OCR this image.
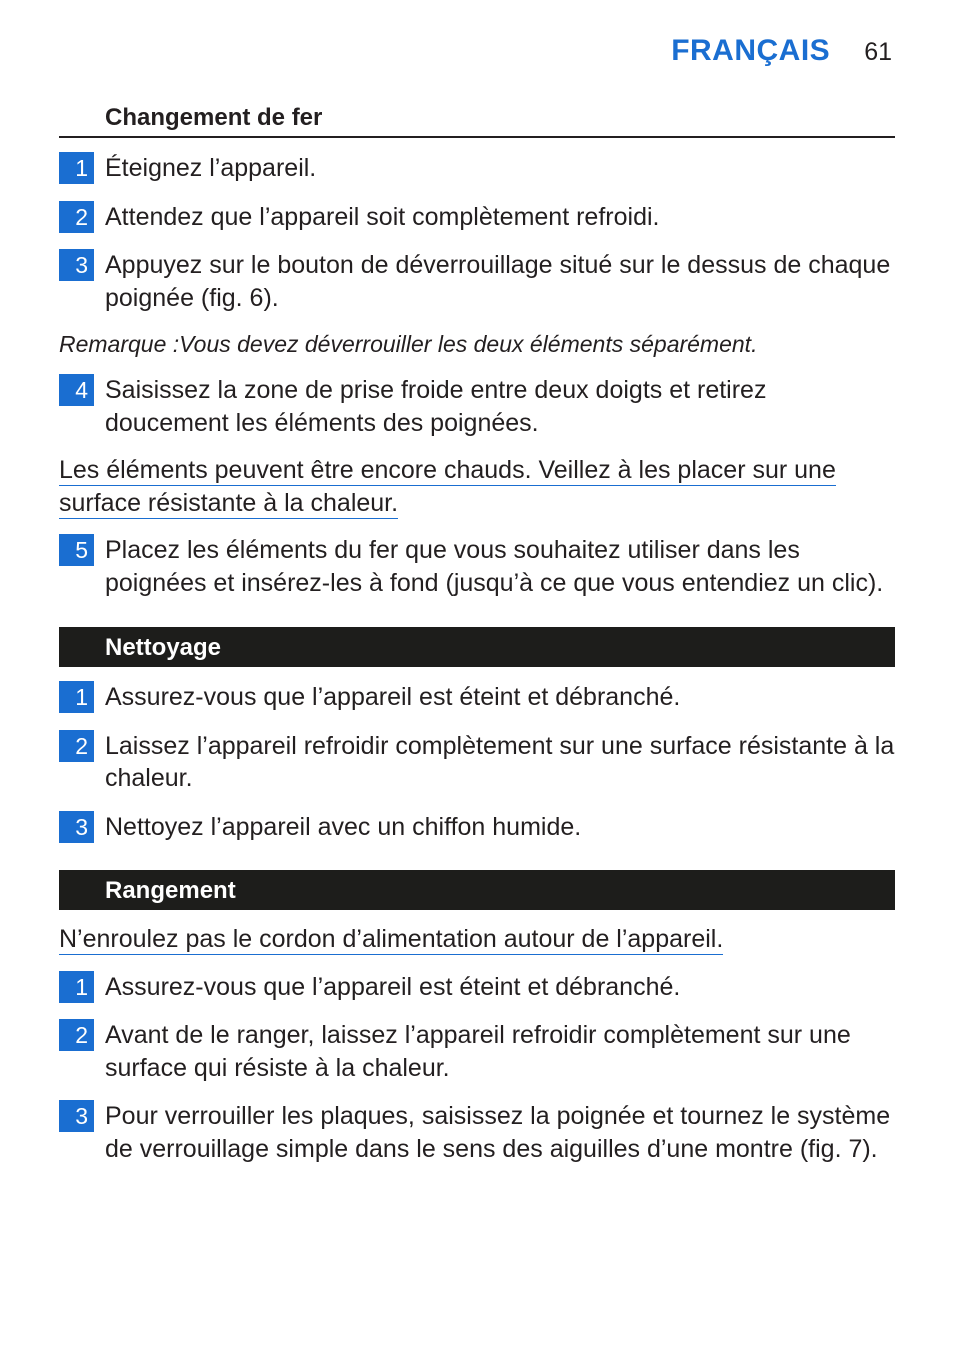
FRANÇAIS 61
Changement de fer
1 Éteignez l’appareil.
2 Attendez que l’appareil soit complètement refroidi.
3 Appuyez sur le bouton de déverrouillage situé sur le dessus de chaque poignée (fig. 6).
Remarque :Vous devez déverrouiller les deux éléments séparément.
4 Saisissez la zone de prise froide entre deux doigts et retirez doucement les éléments des poignées.
Les éléments peuvent être encore chauds. Veillez à les placer sur une
surface résistante à la chaleur.
5 Placez les éléments du fer que vous souhaitez utiliser dans les poignées et insérez-les à fond (jusqu’à ce que vous entendiez un clic).
Nettoyage
1 Assurez-vous que l’appareil est éteint et débranché.
2 Laissez l’appareil refroidir complètement sur une surface résistante à la chaleur.
3 Nettoyez l’appareil avec un chiffon humide.
Rangement
N’enroulez pas le cordon d’alimentation autour de l’appareil.
1 Assurez-vous que l’appareil est éteint et débranché.
2 Avant de le ranger, laissez l’appareil refroidir complètement sur une surface qui résiste à la chaleur.
3 Pour verrouiller les plaques, saisissez la poignée et tournez le système de verrouillage simple dans le sens des aiguilles d’une montre (fig. 7).
